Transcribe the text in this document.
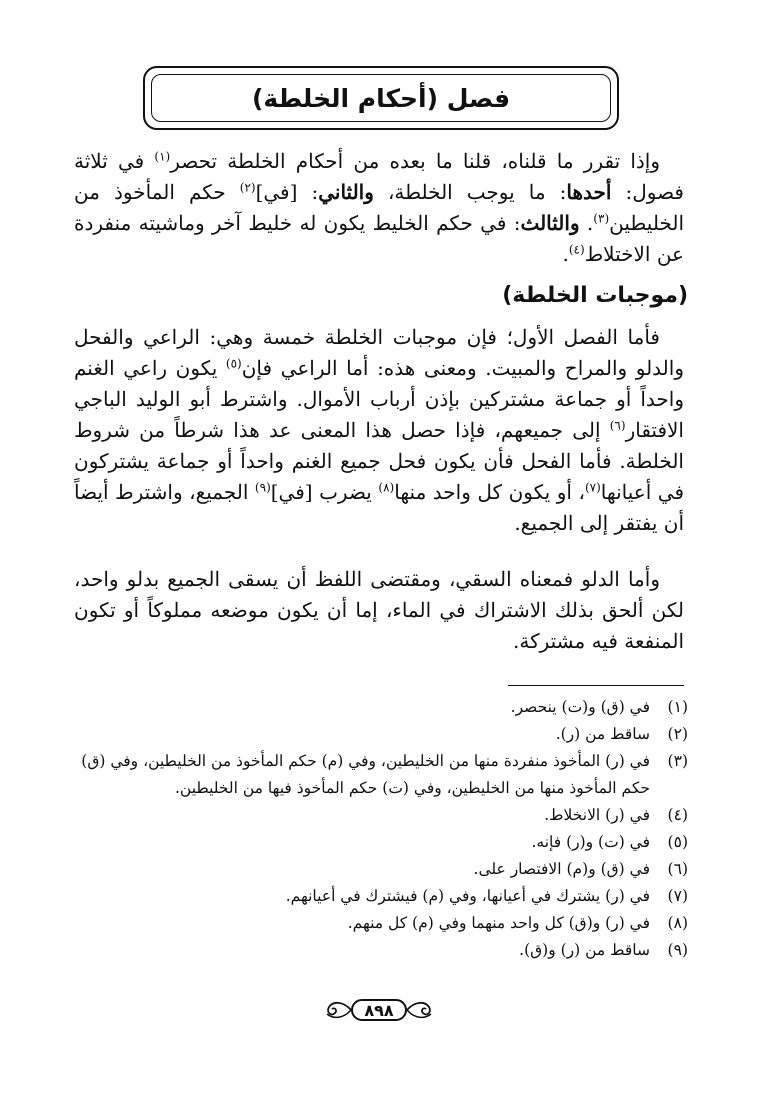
فصل (أحكام الخلطة)

وإذا تقرر ما قلناه، قلنا ما بعده من أحكام الخلطة تحصر$^{(١)}$ في ثلاثة فصول: أحدها: ما يوجب الخلطة، والثاني: [في]$^{(٢)}$ حكم المأخوذ من الخليطين$^{(٣)}$. والثالث: في حكم الخليط يكون له خليط آخر وماشيته منفردة عن الاختلاط$^{(٤)}$.

(موجبات الخلطة)

فأما الفصل الأول؛ فإن موجبات الخلطة خمسة وهي: الراعي والفحل والدلو والمراح والمبيت. ومعنى هذه: أما الراعي فإن$^{(٥)}$ يكون راعي الغنم واحداً أو جماعة مشتركين بإذن أرباب الأموال. واشترط أبو الوليد الباجي الافتقار$^{(٦)}$ إلى جميعهم، فإذا حصل هذا المعنى عد هذا شرطاً من شروط الخلطة. فأما الفحل فأن يكون فحل جميع الغنم واحداً أو جماعة يشتركون في أعيانها$^{(٧)}$، أو يكون كل واحد منها$^{(٨)}$ يضرب [في]$^{(٩)}$ الجميع، واشترط أيضاً أن يفتقر إلى الجميع.

وأما الدلو فمعناه السقي، ومقتضى اللفظ أن يسقى الجميع بدلو واحد، لكن ألحق بذلك الاشتراك في الماء، إما أن يكون موضعه مملوكاً أو تكون المنفعة فيه مشتركة.

(١)
في (ق) و(ت) ينحصر.
(٢)
ساقط من (ر).
(٣)
في (ر) المأخوذ منفردة منها من الخليطين، وفي (م) حكم المأخوذ من الخليطين، وفي (ق) حكم المأخوذ منها من الخليطين، وفي (ت) حكم المأخوذ فيها من الخليطين.
(٤)
في (ر) الانخلاط.
(٥)
في (ت) و(ر) فإنه.
(٦)
في (ق) و(م) الافتصار على.
(٧)
في (ر) يشترك في أعيانها، وفي (م) فيشترك في أعيانهم.
(٨)
في (ر) و(ق) كل واحد منهما وفي (م) كل منهم.
(٩)
ساقط من (ر) و(ق).
٨٩٨
